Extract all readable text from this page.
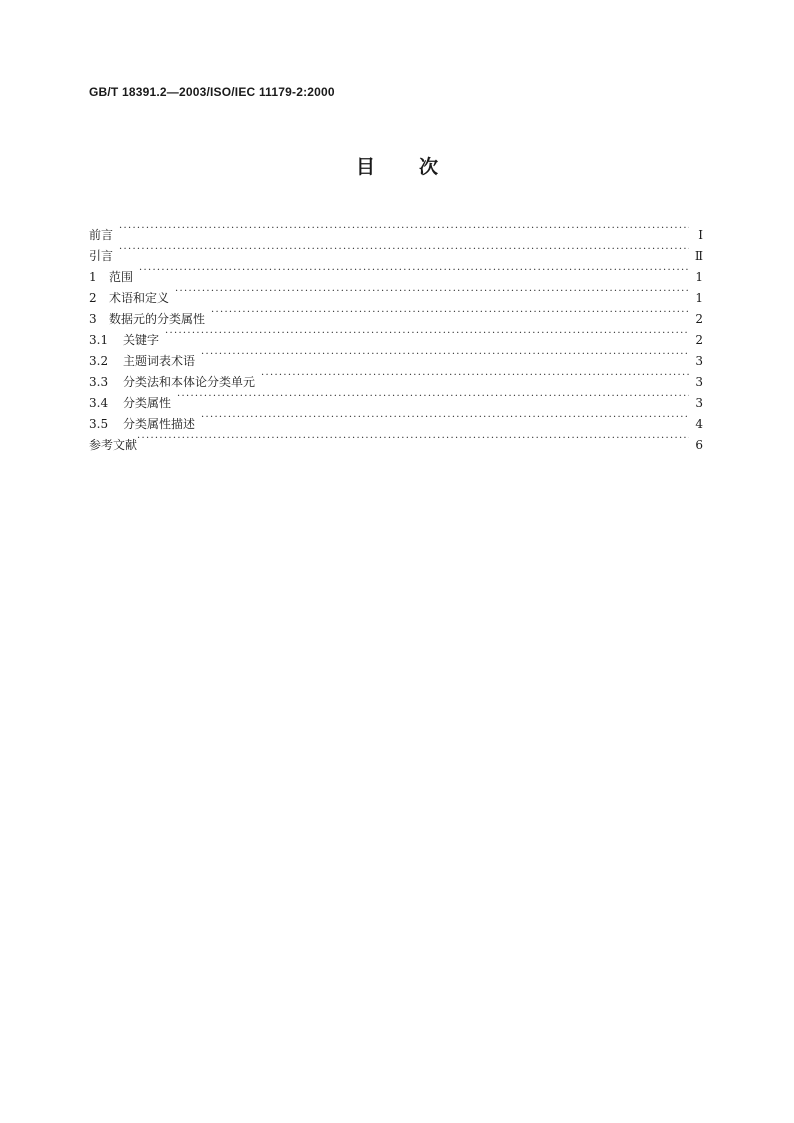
GB/T 18391.2—2003/ISO/IEC 11179-2:2000
目 次
前言 ·····	Ⅰ
引言 ·····	Ⅱ
1	范围 ·····	1
2	术语和定义 ·····	1
3	数据元的分类属性 ·····	2
3.1	关键字 ·····	2
3.2	主题词表术语 ·····	3
3.3	分类法和本体论分类单元 ·····	3
3.4	分类属性 ·····	3
3.5	分类属性描述 ·····	4
参考文献 ·····	6
